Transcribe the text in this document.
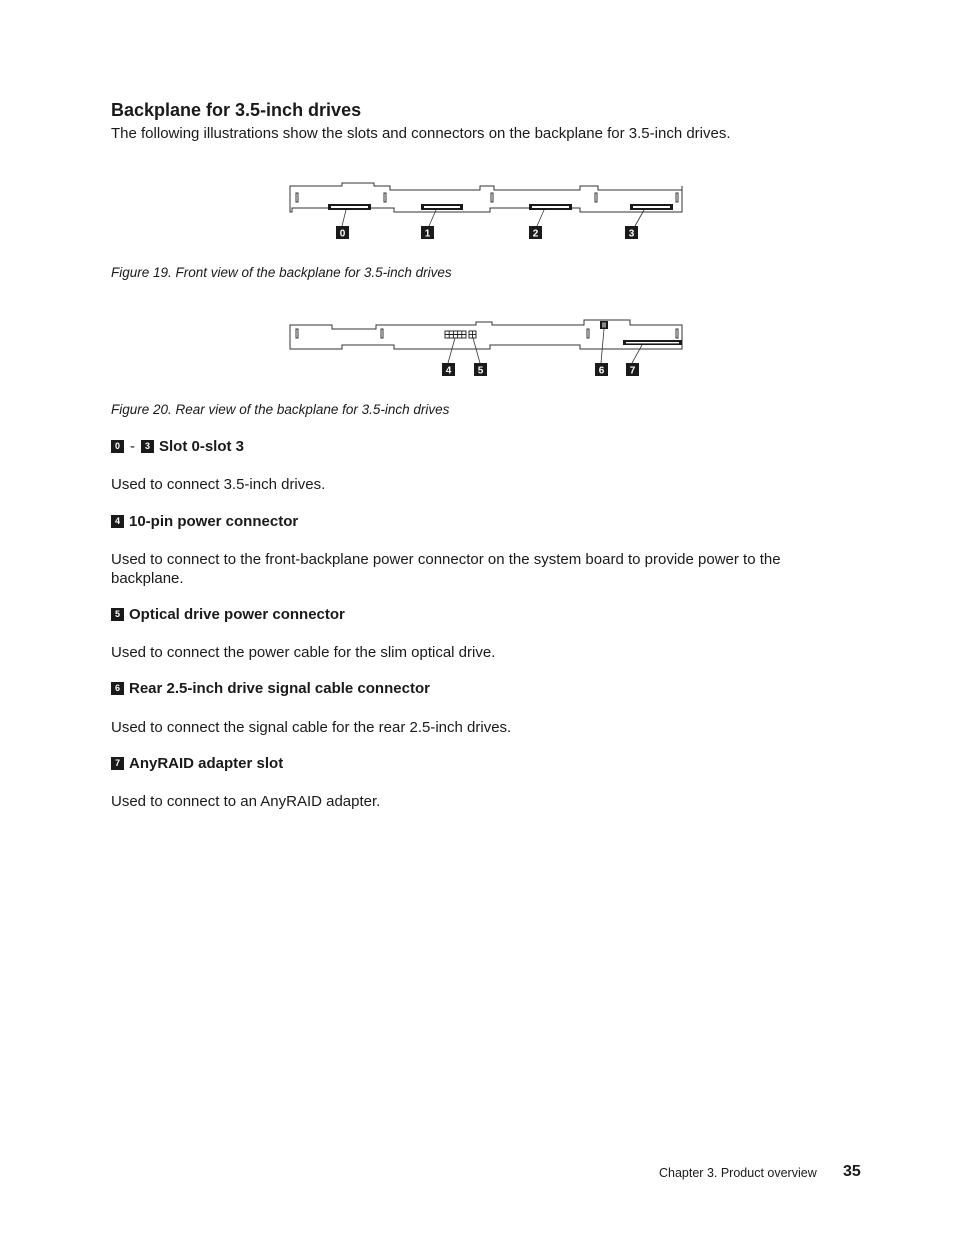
Backplane for 3.5-inch drives
The following illustrations show the slots and connectors on the backplane for 3.5-inch drives.
0	1	2	3
Figure 19. Front view of the backplane for 3.5-inch drives
4	5	6	7
Figure 20. Rear view of the backplane for 3.5-inch drives
0 -	3 Slot 0-slot 3
Used to connect 3.5-inch drives.
4 10-pin power connector
Used to connect to the front-backplane power connector on the system board to provide power to the backplane.
5 Optical drive power connector
Used to connect the power cable for the slim optical drive.
6 Rear 2.5-inch drive signal cable connector
Used to connect the signal cable for the rear 2.5-inch drives.
7 AnyRAID adapter slot
Used to connect to an AnyRAID adapter.
Chapter 3. Product overview 35
